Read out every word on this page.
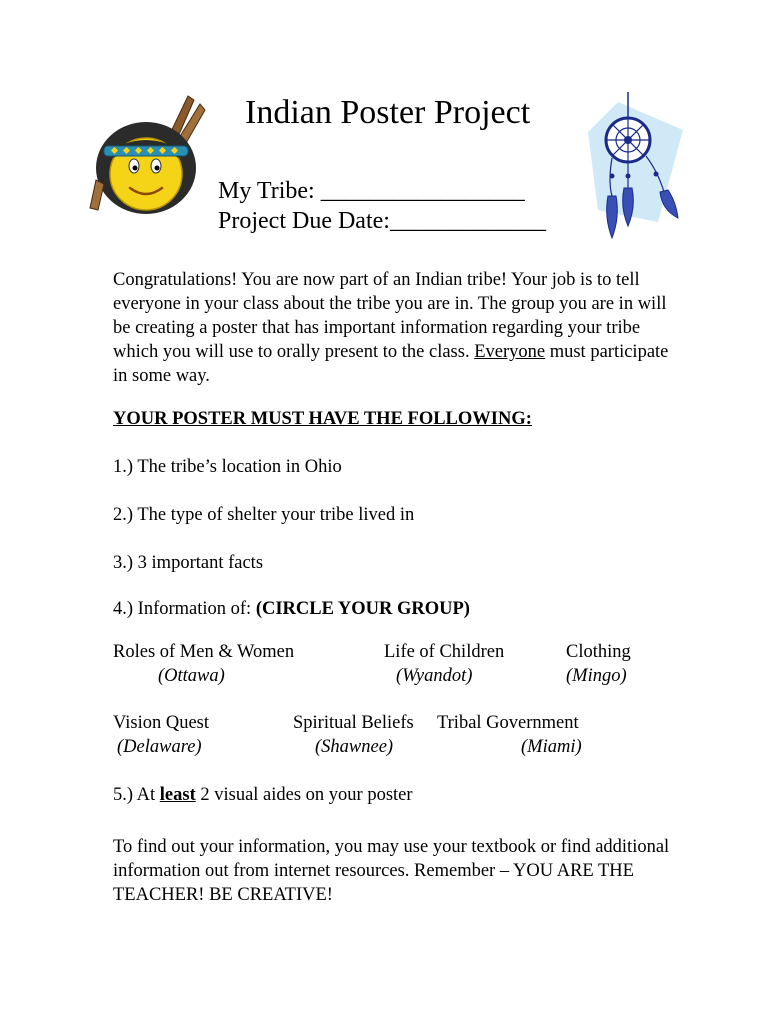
Indian Poster Project
My Tribe: _________________
Project Due Date:_____________
Congratulations! You are now part of an Indian tribe! Your job is to tell everyone in your class about the tribe you are in. The group you are in will be creating a poster that has important information regarding your tribe which you will use to orally present to the class. Everyone must participate in some way.
YOUR POSTER MUST HAVE THE FOLLOWING:
1.) The tribe’s location in Ohio
2.) The type of shelter your tribe lived in
3.) 3 important facts
4.) Information of: (CIRCLE YOUR GROUP)
Roles of Men & Women
(Ottawa)
Life of Children
(Wyandot)
Clothing
(Mingo)
Vision Quest
(Delaware)
Spiritual Beliefs
(Shawnee)
Tribal Government
(Miami)
5.) At least 2 visual aides on your poster
To find out your information, you may use your textbook or find additional information out from internet resources. Remember – YOU ARE THE TEACHER! BE CREATIVE!
